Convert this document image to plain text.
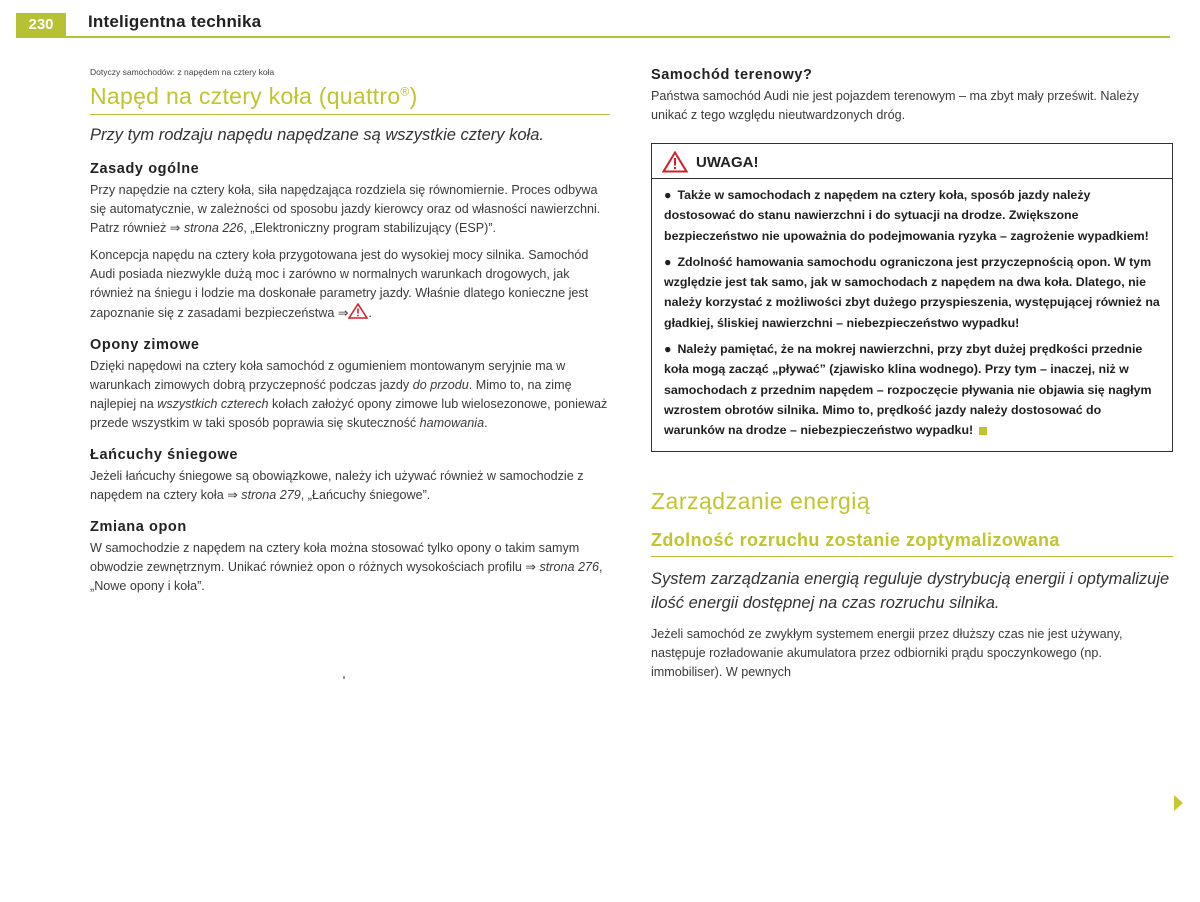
230	Inteligentna technika
Dotyczy samochodów: z napędem na cztery koła
Napęd na cztery koła (quattro®)

Przy tym rodzaju napędu napędzane są wszystkie cztery koła.

Zasady ogólne

Przy napędzie na cztery koła, siła napędzająca rozdziela się równomiernie. Proces odbywa się automatycznie, w zależności od sposobu jazdy kierowcy oraz od własności nawierzchni. Patrz również ⇒ strona 226, „Elektroniczny program stabilizujący (ESP)”.

Koncepcja napędu na cztery koła przygotowana jest do wysokiej mocy silnika. Samochód Audi posiada niezwykle dużą moc i zarówno w normalnych warunkach drogowych, jak również na śniegu i lodzie ma doskonałe parametry jazdy. Właśnie dlatego konieczne jest zapoznanie się z zasadami bezpieczeństwa ⇒ .

Opony zimowe

Dzięki napędowi na cztery koła samochód z ogumieniem montowanym seryjnie ma w warunkach zimowych dobrą przyczepność podczas jazdy do przodu. Mimo to, na zimę najlepiej na wszystkich czterech kołach założyć opony zimowe lub wielosezonowe, ponieważ przede wszystkim w taki sposób poprawia się skuteczność hamowania.

Łańcuchy śniegowe

Jeżeli łańcuchy śniegowe są obowiązkowe, należy ich używać również w samochodzie z napędem na cztery koła ⇒ strona 279, „Łańcuchy śniegowe”.

Zmiana opon

W samochodzie z napędem na cztery koła można stosować tylko opony o takim samym obwodzie zewnętrznym. Unikać również opon o różnych wysokościach profilu ⇒ strona 276, „Nowe opony i koła”.

Samochód terenowy?

Państwa samochód Audi nie jest pojazdem terenowym – ma zbyt mały prześwit. Należy unikać z tego względu nieutwardzonych dróg.

UWAGA!

● Także w samochodach z napędem na cztery koła, sposób jazdy należy dostosować do stanu nawierzchni i do sytuacji na drodze. Zwiększone bezpieczeństwo nie upoważnia do podejmowania ryzyka – zagrożenie wypadkiem!

● Zdolność hamowania samochodu ograniczona jest przyczepnością opon. W tym względzie jest tak samo, jak w samochodach z napędem na dwa koła. Dlatego, nie należy korzystać z możliwości zbyt dużego przyspieszenia, występującej również na gładkiej, śliskiej nawierzchni – niebezpieczeństwo wypadku!

● Należy pamiętać, że na mokrej nawierzchni, przy zbyt dużej prędkości przednie koła mogą zacząć „pływać” (zjawisko klina wodnego). Przy tym – inaczej, niż w samochodach z przednim napędem – rozpoczęcie pływania nie objawia się nagłym wzrostem obrotów silnika. Mimo to, prędkość jazdy należy dostosować do warunków na drodze – niebezpieczeństwo wypadku!

Zarządzanie energią
Zdolność rozruchu zostanie zoptymalizowana

System zarządzania energią reguluje dystrybucją energii i optymalizuje ilość energii dostępnej na czas rozruchu silnika.

Jeżeli samochód ze zwykłym systemem energii przez dłuższy czas nie jest używany, następuje rozładowanie akumulatora przez odbiorniki prądu spoczynkowego (np. immobiliser). W pewnych
